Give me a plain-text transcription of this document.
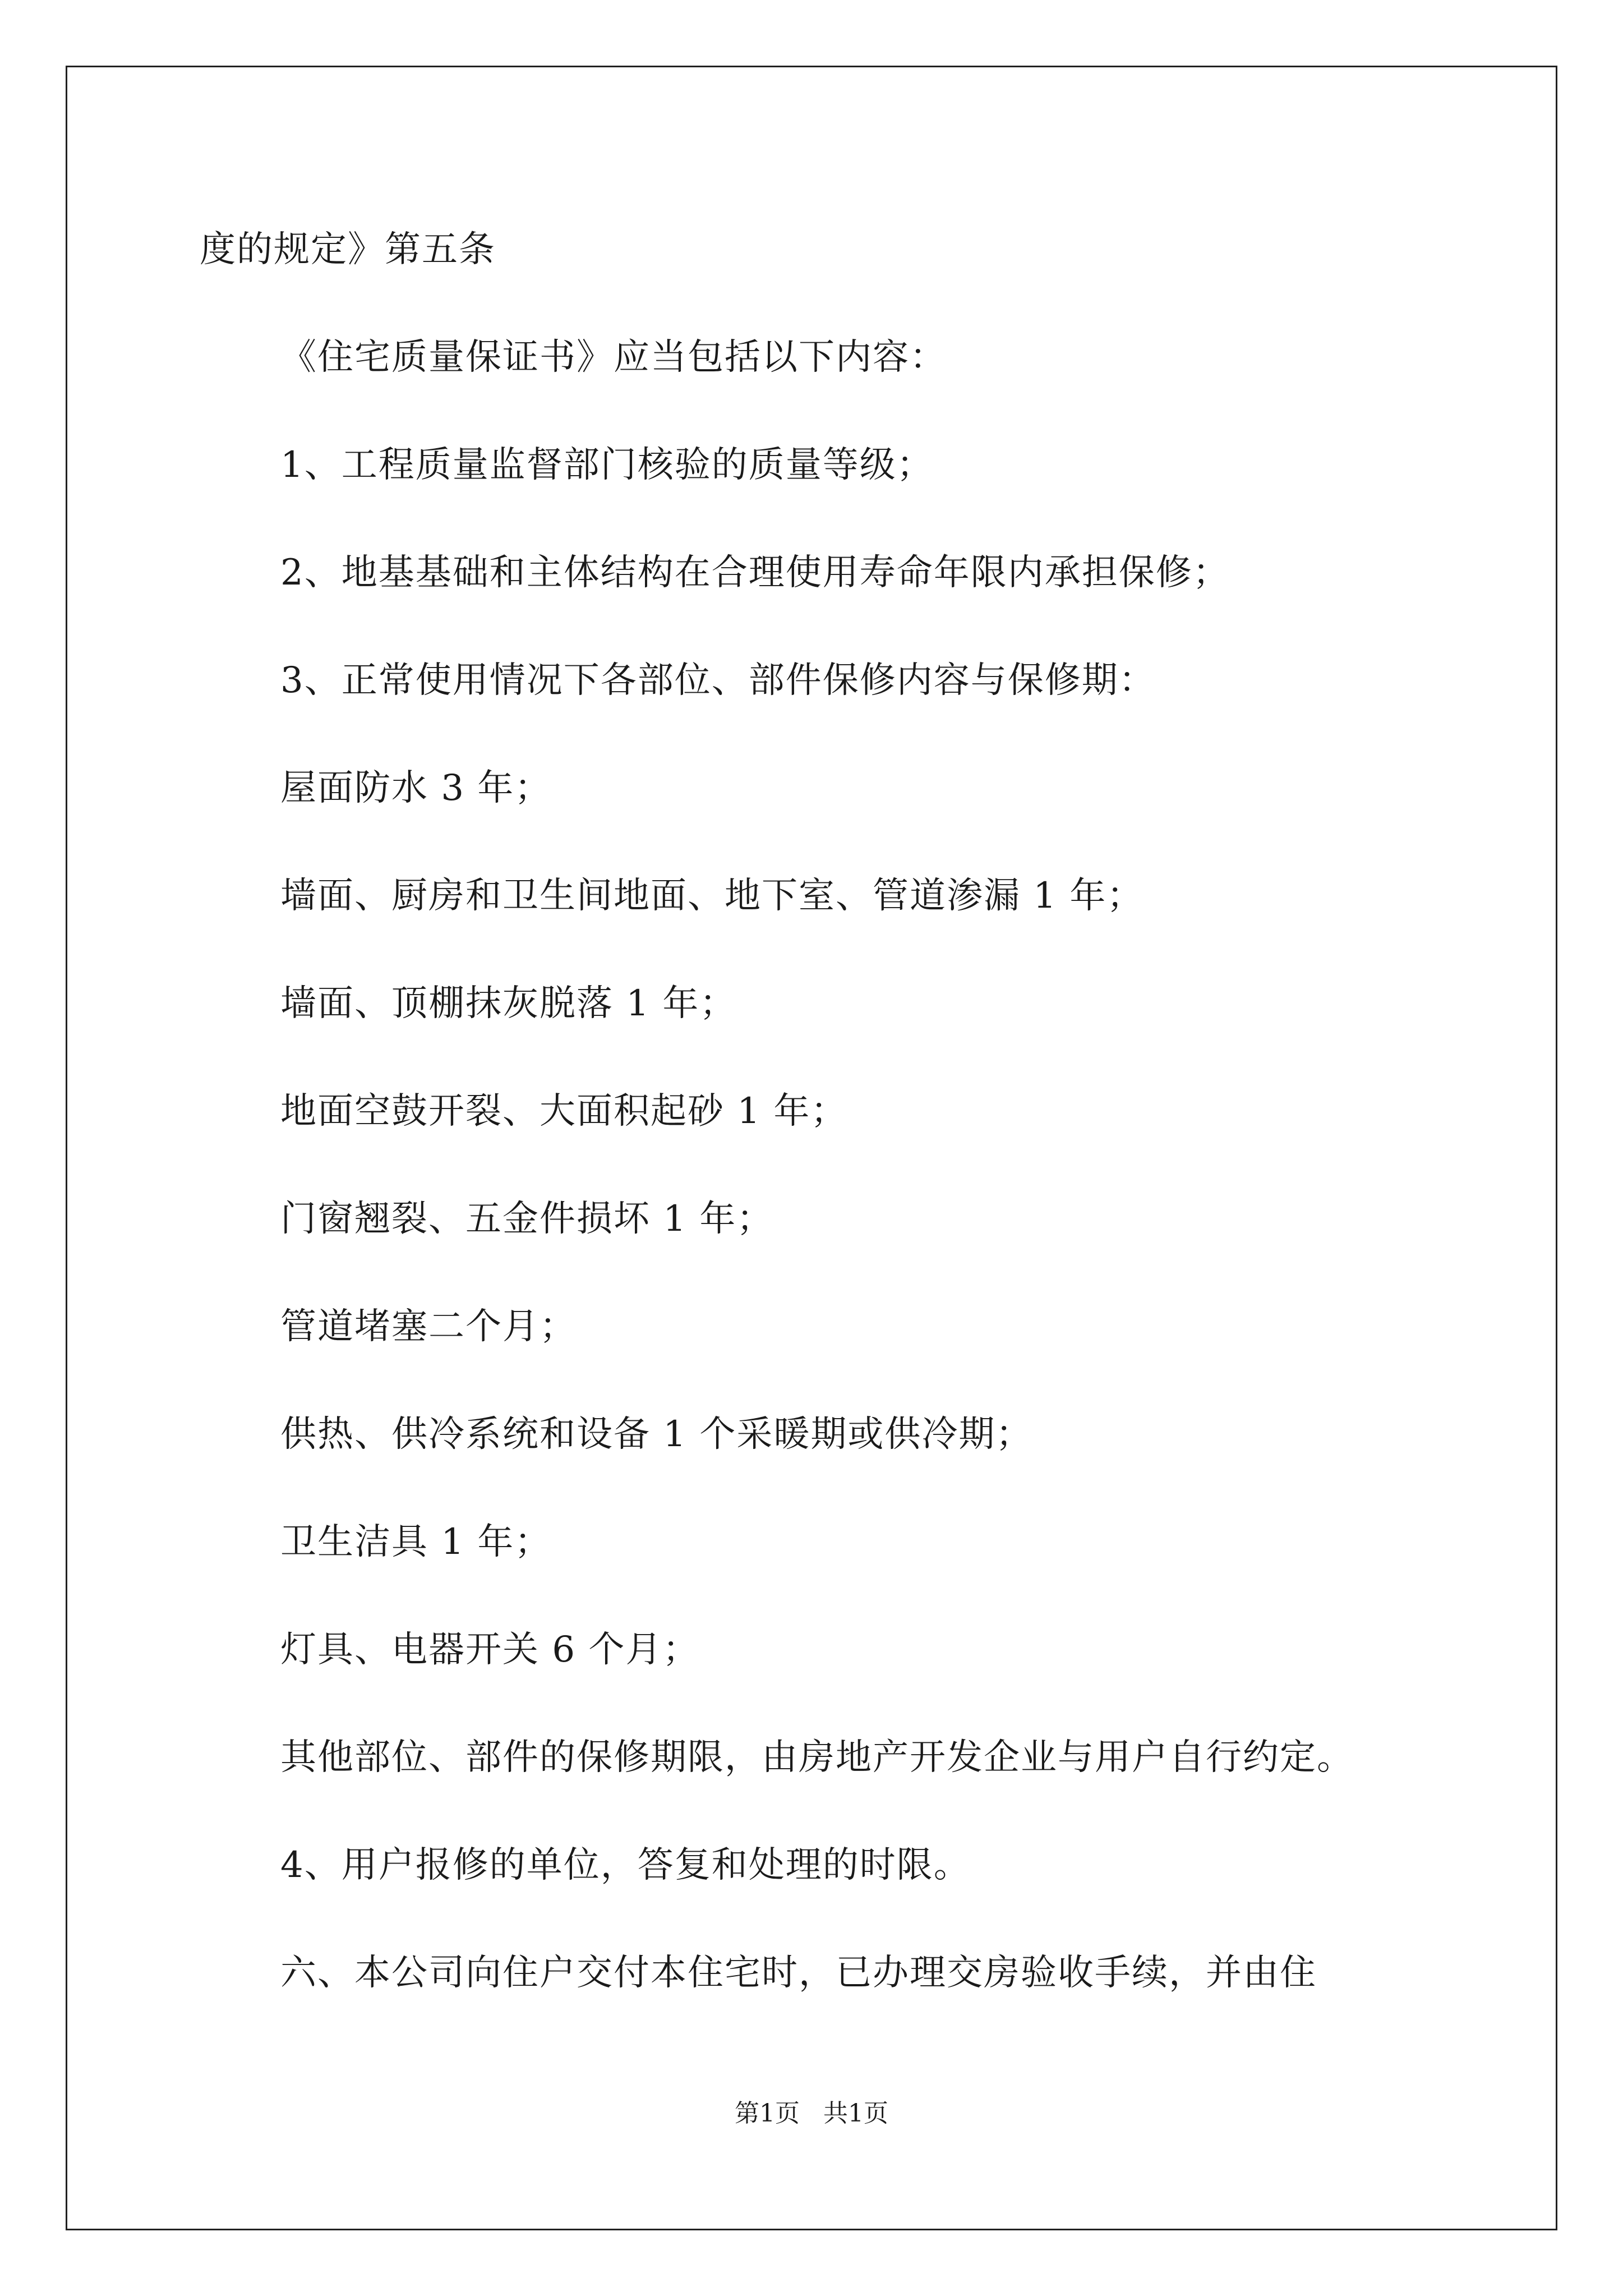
度的规定》第五条
《住宅质量保证书》应当包括以下内容：
1、工程质量监督部门核验的质量等级；
2、地基基础和主体结构在合理使用寿命年限内承担保修；
3、正常使用情况下各部位、部件保修内容与保修期：
屋面防水 3 年；
墙面、厨房和卫生间地面、地下室、管道渗漏 1 年；
墙面、顶棚抹灰脱落 1 年；
地面空鼓开裂、大面积起砂 1 年；
门窗翘裂、五金件损坏 1 年；
管道堵塞二个月；
供热、供冷系统和设备 1 个采暖期或供冷期；
卫生洁具 1 年；
灯具、电器开关 6 个月；
其他部位、部件的保修期限，由房地产开发企业与用户自行约定。
4、用户报修的单位，答复和处理的时限。
六、本公司向住户交付本住宅时，已办理交房验收手续，并由住
第1页   共1页
